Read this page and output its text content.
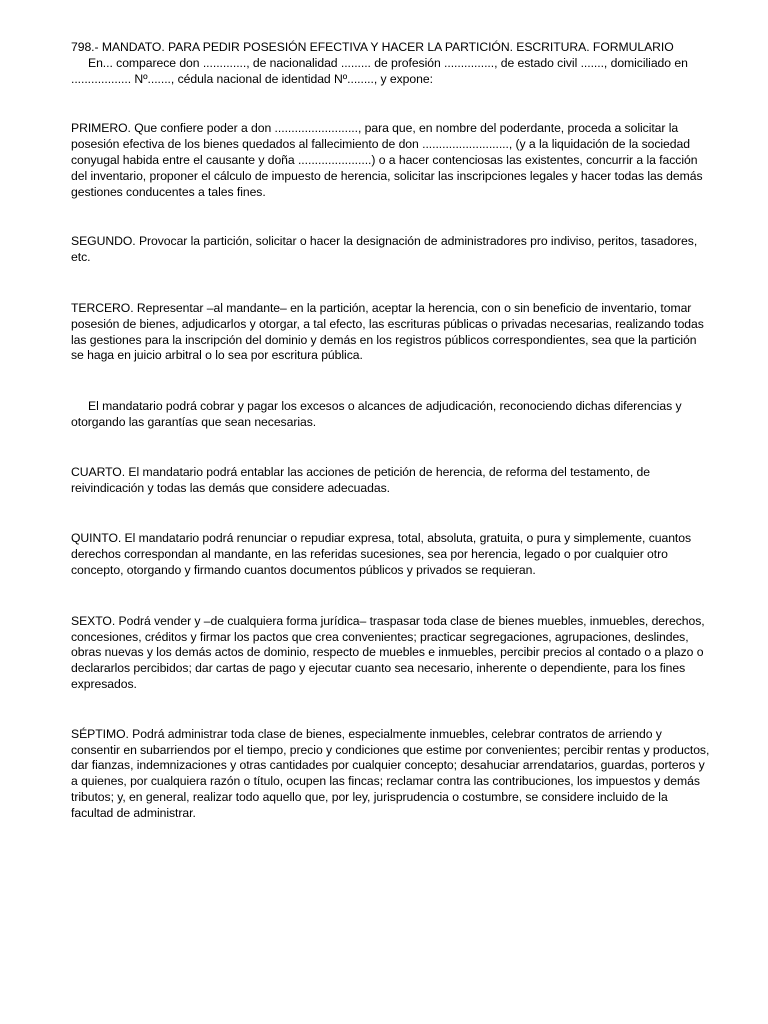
798.- MANDATO. PARA PEDIR POSESIÓN EFECTIVA Y HACER LA PARTICIÓN. ESCRITURA. FORMULARIO

En... comparece don ............., de nacionalidad ......... de profesión ..............., de estado civil ......., domiciliado en .................. Nº......., cédula nacional de identidad Nº........, y expone:

PRIMERO. Que confiere poder a don ........................., para que, en nombre del poderdante, proceda a solicitar la posesión efectiva de los bienes quedados al fallecimiento de don .........................., (y a la liquidación de la sociedad conyugal habida entre el causante y doña ......................) o a hacer contenciosas las existentes, concurrir a la facción del inventario, proponer el cálculo de impuesto de herencia, solicitar las inscripciones legales y hacer todas las demás gestiones conducentes a tales fines.

SEGUNDO. Provocar la partición, solicitar o hacer la designación de administradores pro indiviso, peritos, tasadores, etc.

TERCERO. Representar –al mandante– en la partición, aceptar la herencia, con o sin beneficio de inventario, tomar posesión de bienes, adjudicarlos y otorgar, a tal efecto, las escrituras públicas o privadas necesarias, realizando todas las gestiones para la inscripción del dominio y demás en los registros públicos correspondientes, sea que la partición se haga en juicio arbitral o lo sea por escritura pública.

El mandatario podrá cobrar y pagar los excesos o alcances de adjudicación, reconociendo dichas diferencias y otorgando las garantías que sean necesarias.

CUARTO. El mandatario podrá entablar las acciones de petición de herencia, de reforma del testamento, de reivindicación y todas las demás que considere adecuadas.

QUINTO. El mandatario podrá renunciar o repudiar expresa, total, absoluta, gratuita, o pura y simplemente, cuantos derechos correspondan al mandante, en las referidas sucesiones, sea por herencia, legado o por cualquier otro concepto, otorgando y firmando cuantos documentos públicos y privados se requieran.

SEXTO. Podrá vender y –de cualquiera forma jurídica– traspasar toda clase de bienes muebles, inmuebles, derechos, concesiones, créditos y firmar los pactos que crea convenientes; practicar segregaciones, agrupaciones, deslindes, obras nuevas y los demás actos de dominio, respecto de muebles e inmuebles, percibir precios al contado o a plazo o declararlos percibidos; dar cartas de pago y ejecutar cuanto sea necesario, inherente o dependiente, para los fines expresados.

SÉPTIMO. Podrá administrar toda clase de bienes, especialmente inmuebles, celebrar contratos de arriendo y consentir en subarriendos por el tiempo, precio y condiciones que estime por convenientes; percibir rentas y productos, dar fianzas, indemnizaciones y otras cantidades por cualquier concepto; desahuciar arrendatarios, guardas, porteros y a quienes, por cualquiera razón o título, ocupen las fincas; reclamar contra las contribuciones, los impuestos y demás tributos; y, en general, realizar todo aquello que, por ley, jurisprudencia o costumbre, se considere incluido de la facultad de administrar.
